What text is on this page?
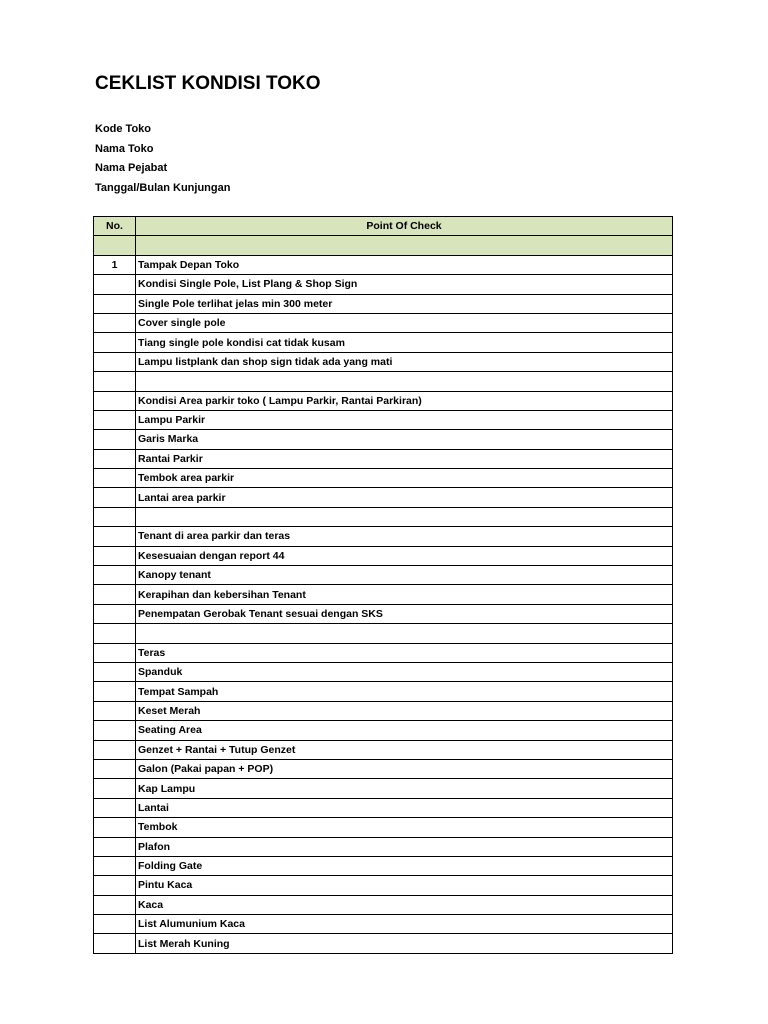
CEKLIST KONDISI TOKO
Kode Toko
Nama Toko
Nama Pejabat
Tanggal/Bulan Kunjungan
No.	Point Of Check

1	Tampak Depan Toko
	Kondisi Single Pole, List Plang & Shop Sign
	Single Pole terlihat jelas min 300 meter
	Cover single pole
	Tiang single pole kondisi cat tidak kusam
	Lampu listplank dan shop sign tidak ada yang mati

	Kondisi Area parkir toko ( Lampu Parkir, Rantai Parkiran)
	Lampu Parkir
	Garis Marka
	Rantai Parkir
	Tembok area parkir
	Lantai area parkir

	Tenant di area parkir dan teras
	Kesesuaian dengan report 44
	Kanopy tenant
	Kerapihan dan kebersihan Tenant
	Penempatan Gerobak Tenant sesuai dengan SKS

	Teras
	Spanduk
	Tempat Sampah
	Keset Merah
	Seating Area
	Genzet + Rantai + Tutup Genzet
	Galon (Pakai papan + POP)
	Kap Lampu
	Lantai
	Tembok
	Plafon
	Folding Gate
	Pintu Kaca
	Kaca
	List Alumunium Kaca
	List Merah Kuning
